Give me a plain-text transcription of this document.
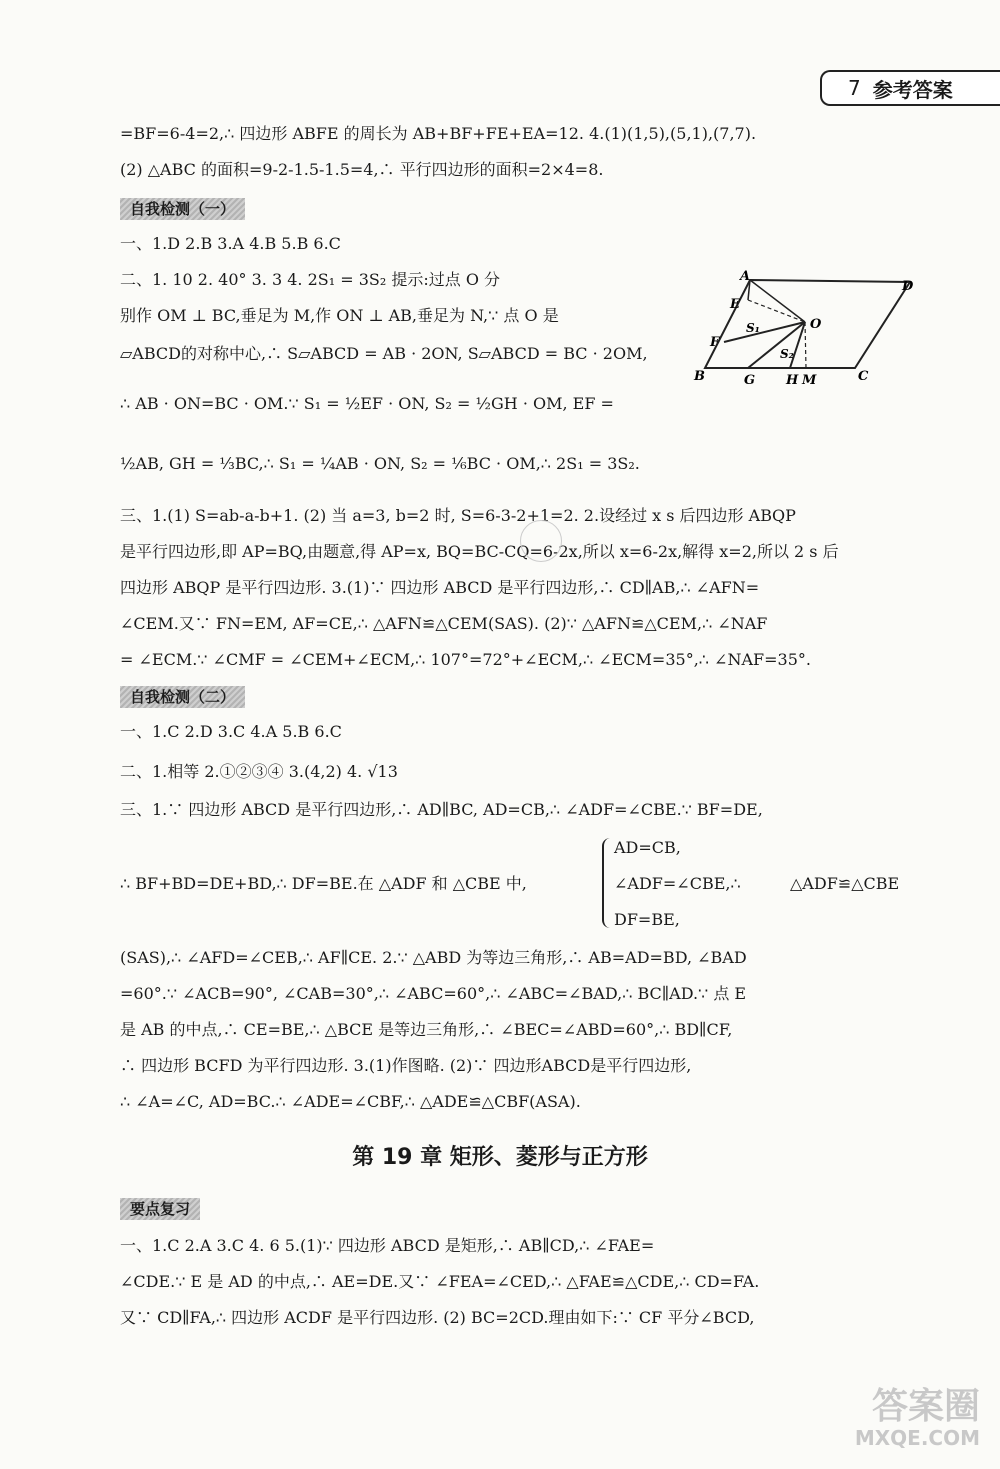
7 参考答案
=BF=6-4=2,∴ 四边形 ABFE 的周长为 AB+BF+FE+EA=12. 4.(1)(1,5),(5,1),(7,7).
(2) △ABC 的面积=9-2-1.5-1.5=4,∴ 平行四边形的面积=2×4=8.
自我检测（一）
一、1.D 2.B 3.A 4.B 5.B 6.C
二、1. 10 2. 40° 3. 3 4. 2S₁ = 3S₂ 提示:过点 O 分
别作 OM ⊥ BC,垂足为 M,作 ON ⊥ AB,垂足为 N,∵ 点 O 是
▱ABCD的对称中心,∴ S▱ABCD = AB · 2ON, S▱ABCD = BC · 2OM,
∴ AB · ON=BC · OM.∵ S₁ = ½EF · ON, S₂ = ½GH · OM, EF =
½AB, GH = ⅓BC,∴ S₁ = ¼AB · ON, S₂ = ⅙BC · OM,∴ 2S₁ = 3S₂.
三、1.(1) S=ab-a-b+1. (2) 当 a=3, b=2 时, S=6-3-2+1=2. 2.设经过 x s 后四边形 ABQP
是平行四边形,即 AP=BQ,由题意,得 AP=x, BQ=BC-CQ=6-2x,所以 x=6-2x,解得 x=2,所以 2 s 后
四边形 ABQP 是平行四边形. 3.(1)∵ 四边形 ABCD 是平行四边形,∴ CD∥AB,∴ ∠AFN=
∠CEM.又∵ FN=EM, AF=CE,∴ △AFN≌△CEM(SAS). (2)∵ △AFN≌△CEM,∴ ∠NAF
= ∠ECM.∵ ∠CMF = ∠CEM+∠ECM,∴ 107°=72°+∠ECM,∴ ∠ECM=35°,∴ ∠NAF=35°.
A
E
F
B	G H M	C
D
O
S₁
S₂
自我检测（二）
一、1.C 2.D 3.C 4.A 5.B 6.C
二、1.相等 2.①②③④ 3.(4,2) 4. √13
三、1.∵ 四边形 ABCD 是平行四边形,∴ AD∥BC, AD=CB,∴ ∠ADF=∠CBE.∵ BF=DE,
∴ BF+BD=DE+BD,∴ DF=BE.在 △ADF 和 △CBE 中,
AD=CB,
∠ADF=∠CBE,∴
DF=BE,
△ADF≌△CBE
(SAS),∴ ∠AFD=∠CEB,∴ AF∥CE. 2.∵ △ABD 为等边三角形,∴ AB=AD=BD, ∠BAD
=60°.∵ ∠ACB=90°, ∠CAB=30°,∴ ∠ABC=60°,∴ ∠ABC=∠BAD,∴ BC∥AD.∵ 点 E
是 AB 的中点,∴ CE=BE,∴ △BCE 是等边三角形,∴ ∠BEC=∠ABD=60°,∴ BD∥CF,
∴ 四边形 BCFD 为平行四边形. 3.(1)作图略. (2)∵ 四边形ABCD是平行四边形,
∴ ∠A=∠C, AD=BC.∴ ∠ADE=∠CBF,∴ △ADE≌△CBF(ASA).
第 19 章 矩形、菱形与正方形
要点复习
一、1.C 2.A 3.C 4. 6 5.(1)∵ 四边形 ABCD 是矩形,∴ AB∥CD,∴ ∠FAE=
∠CDE.∵ E 是 AD 的中点,∴ AE=DE.又∵ ∠FEA=∠CED,∴ △FAE≌△CDE,∴ CD=FA.
又∵ CD∥FA,∴ 四边形 ACDF 是平行四边形. (2) BC=2CD.理由如下:∵ CF 平分∠BCD,
答案圈
MXQE.COM
